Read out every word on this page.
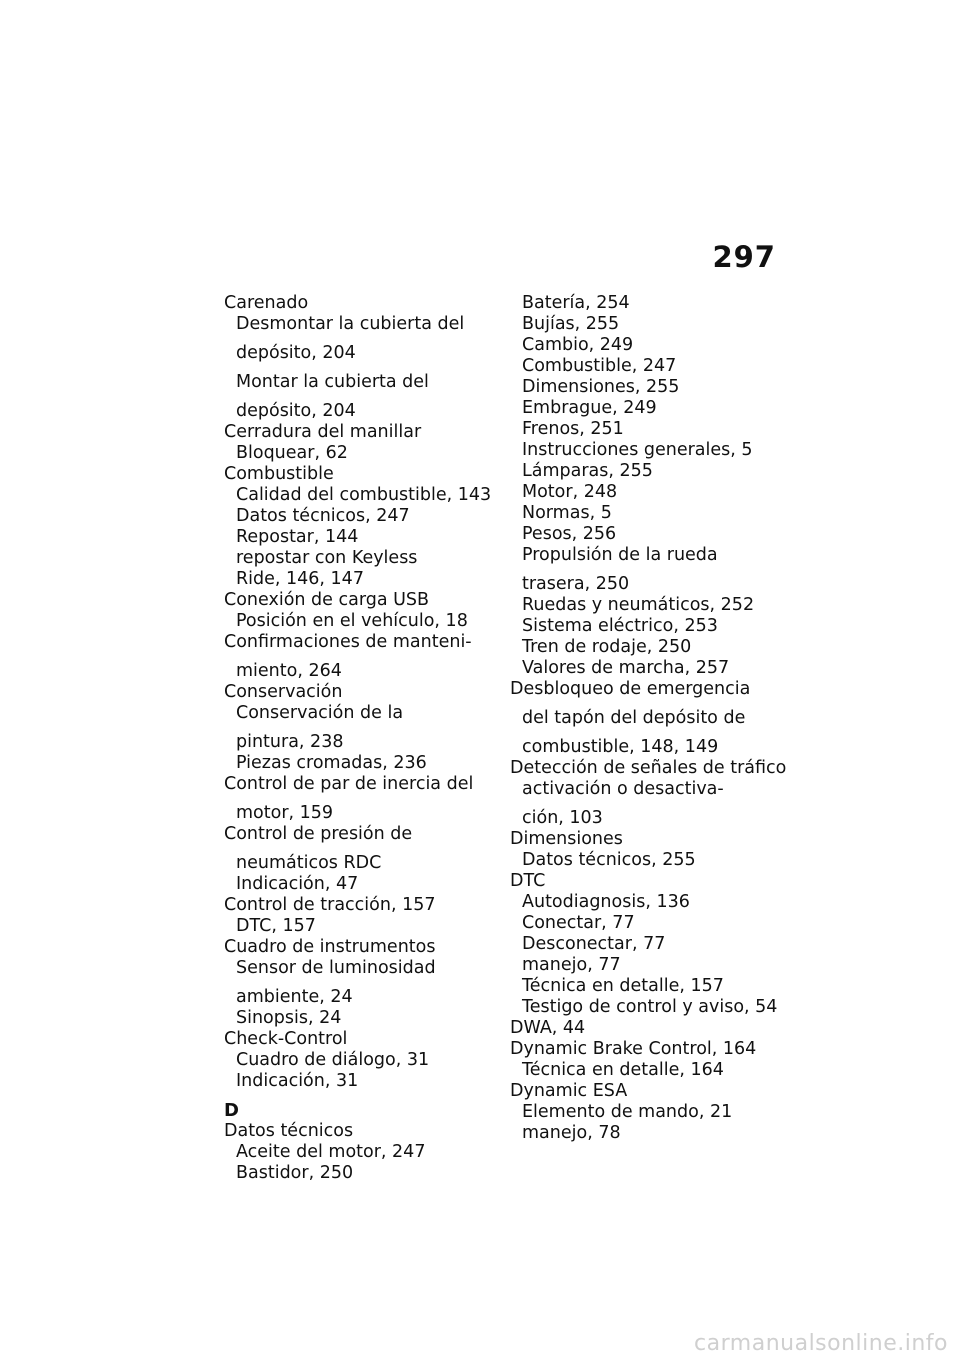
297
Carenado
Desmontar la cubierta del
depósito, 204
Montar la cubierta del
depósito, 204
Cerradura del manillar
Bloquear, 62
Combustible
Calidad del combustible, 143
Datos técnicos, 247
Repostar, 144
repostar con Keyless
Ride, 146, 147
Conexión de carga USB
Posición en el vehículo, 18
Confirmaciones de manteni-
miento, 264
Conservación
Conservación de la
pintura, 238
Piezas cromadas, 236
Control de par de inercia del
motor, 159
Control de presión de
neumáticos RDC
Indicación, 47
Control de tracción, 157
DTC, 157
Cuadro de instrumentos
Sensor de luminosidad
ambiente, 24
Sinopsis, 24
Check-Control
Cuadro de diálogo, 31
Indicación, 31
D
Datos técnicos
Aceite del motor, 247
Bastidor, 250
Batería, 254
Bujías, 255
Cambio, 249
Combustible, 247
Dimensiones, 255
Embrague, 249
Frenos, 251
Instrucciones generales, 5
Lámparas, 255
Motor, 248
Normas, 5
Pesos, 256
Propulsión de la rueda
trasera, 250
Ruedas y neumáticos, 252
Sistema eléctrico, 253
Tren de rodaje, 250
Valores de marcha, 257
Desbloqueo de emergencia
del tapón del depósito de
combustible, 148, 149
Detección de señales de tráfico
activación o desactiva-
ción, 103
Dimensiones
Datos técnicos, 255
DTC
Autodiagnosis, 136
Conectar, 77
Desconectar, 77
manejo, 77
Técnica en detalle, 157
Testigo de control y aviso, 54
DWA, 44
Dynamic Brake Control, 164
Técnica en detalle, 164
Dynamic ESA
Elemento de mando, 21
manejo, 78
carmanualsonline.info
